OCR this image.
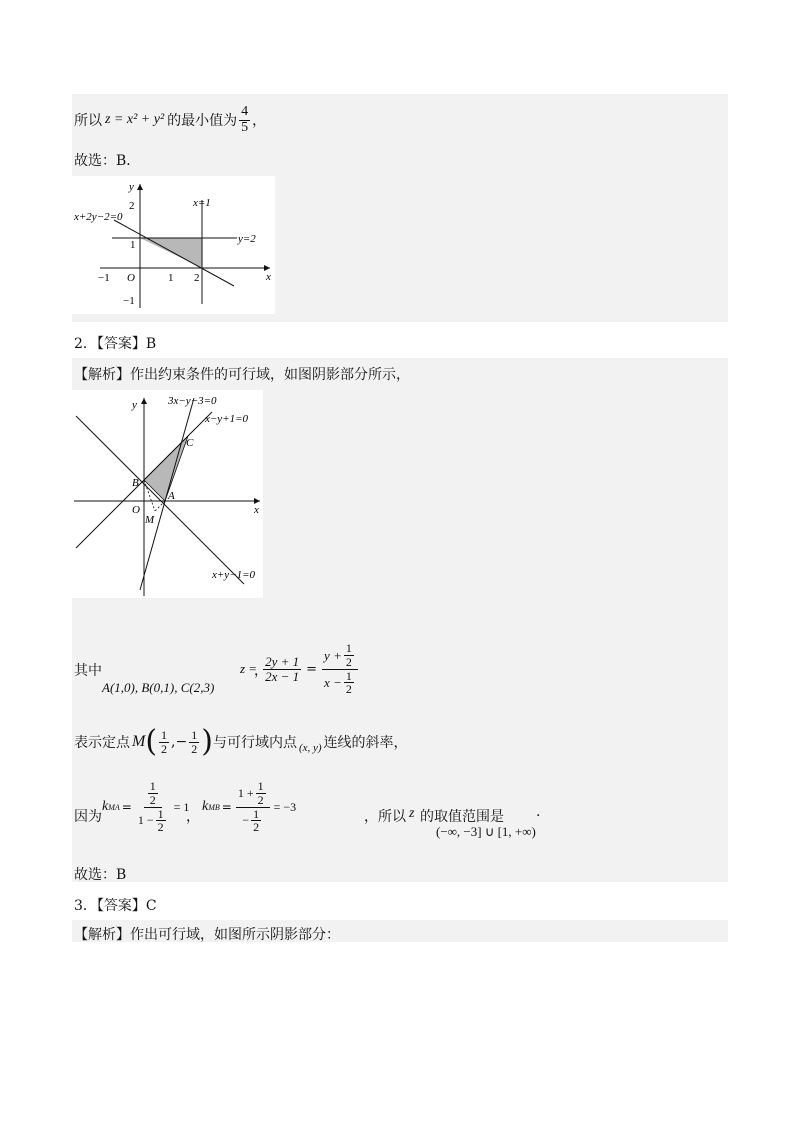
所以 z = x² + y² 的最小值为 $\frac{4}{5}$ ，
故选：B．
x+2y−2=0
x=1
y=2
x
y
O
−1	1 2
2
1
−1
2．【答案】B
【解析】作出约束条件的可行域，如图阴影部分所示，
3x−y−3=0
x−y+1=0
x+y−1=0
B
A
C
M
O	x
y
其中
A(1,0), B(0,1), C(2,3)
，
$z = \frac{2y + 1}{2x - 1} = \frac{y + \frac{1}{2}}{x - \frac{1}{2}}$
表示定点 M ( $\frac{1}{2}$ , − $\frac{1}{2}$ ) 与可行域内点 (x, y) 连线的斜率，
因为
k MA = $\frac{\frac{1}{2}}{1 - \frac{1}{2}} = 1$
，
k MB = $\frac{1 + \frac{1}{2}}{- \frac{1}{2}} = -3$
，所以 z 的取值范围是
(−∞, −3] ∪ [1, +∞)
.
故选：B
3．【答案】C
【解析】作出可行域，如图所示阴影部分：
